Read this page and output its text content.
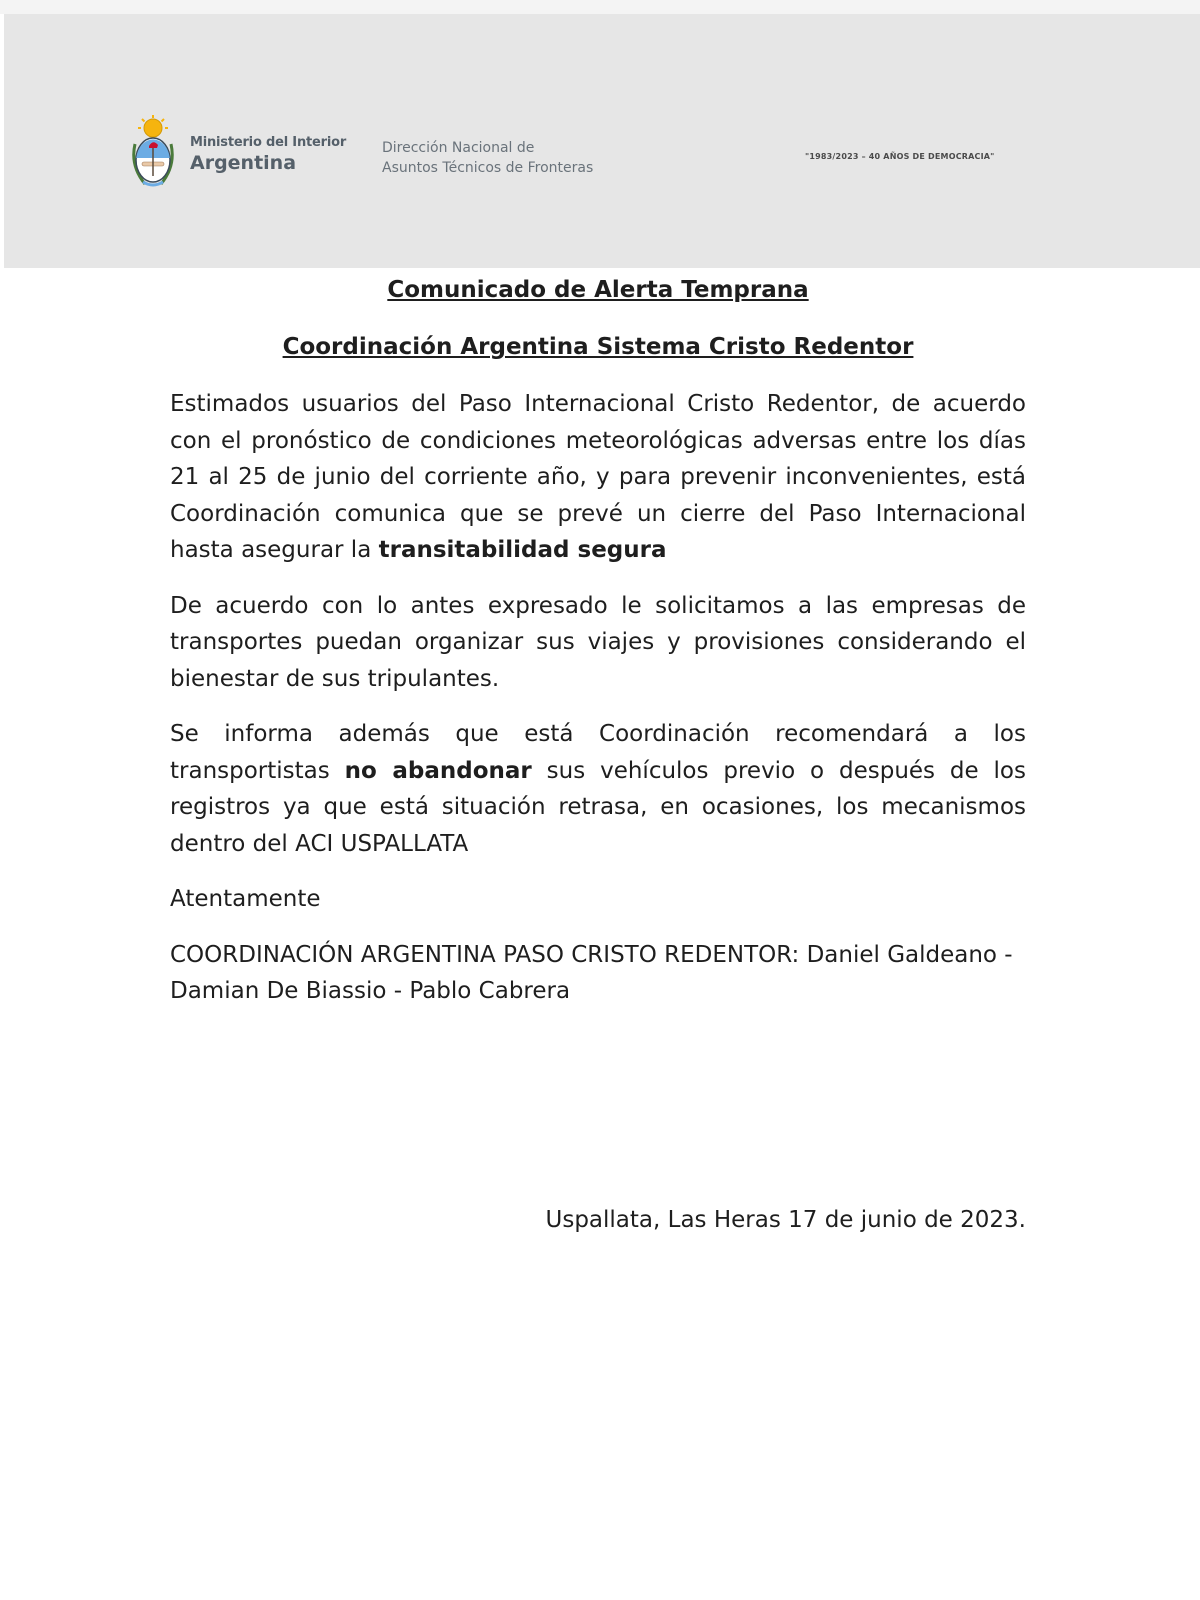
Ministerio del Interior
Argentina
Dirección Nacional de
Asuntos Técnicos de Fronteras
"1983/2023 – 40 AÑOS DE DEMOCRACIA"
Comunicado de Alerta Temprana
Coordinación Argentina Sistema Cristo Redentor

Estimados usuarios del Paso Internacional Cristo Redentor, de acuerdo con el pronóstico de condiciones meteorológicas adversas entre los días 21 al 25 de junio del corriente año, y para prevenir inconvenientes, está Coordinación comunica que se prevé un cierre del Paso Internacional hasta asegurar la transitabilidad segura

De acuerdo con lo antes expresado le solicitamos a las empresas de transportes puedan organizar sus viajes y provisiones considerando el bienestar de sus tripulantes.

Se informa además que está Coordinación recomendará a los transportistas no abandonar sus vehículos previo o después de los registros ya que está situación retrasa, en ocasiones, los mecanismos dentro del ACI USPALLATA

Atentamente

COORDINACIÓN ARGENTINA PASO CRISTO REDENTOR: Daniel Galdeano - Damian De Biassio - Pablo Cabrera

Uspallata, Las Heras 17 de junio de 2023.
